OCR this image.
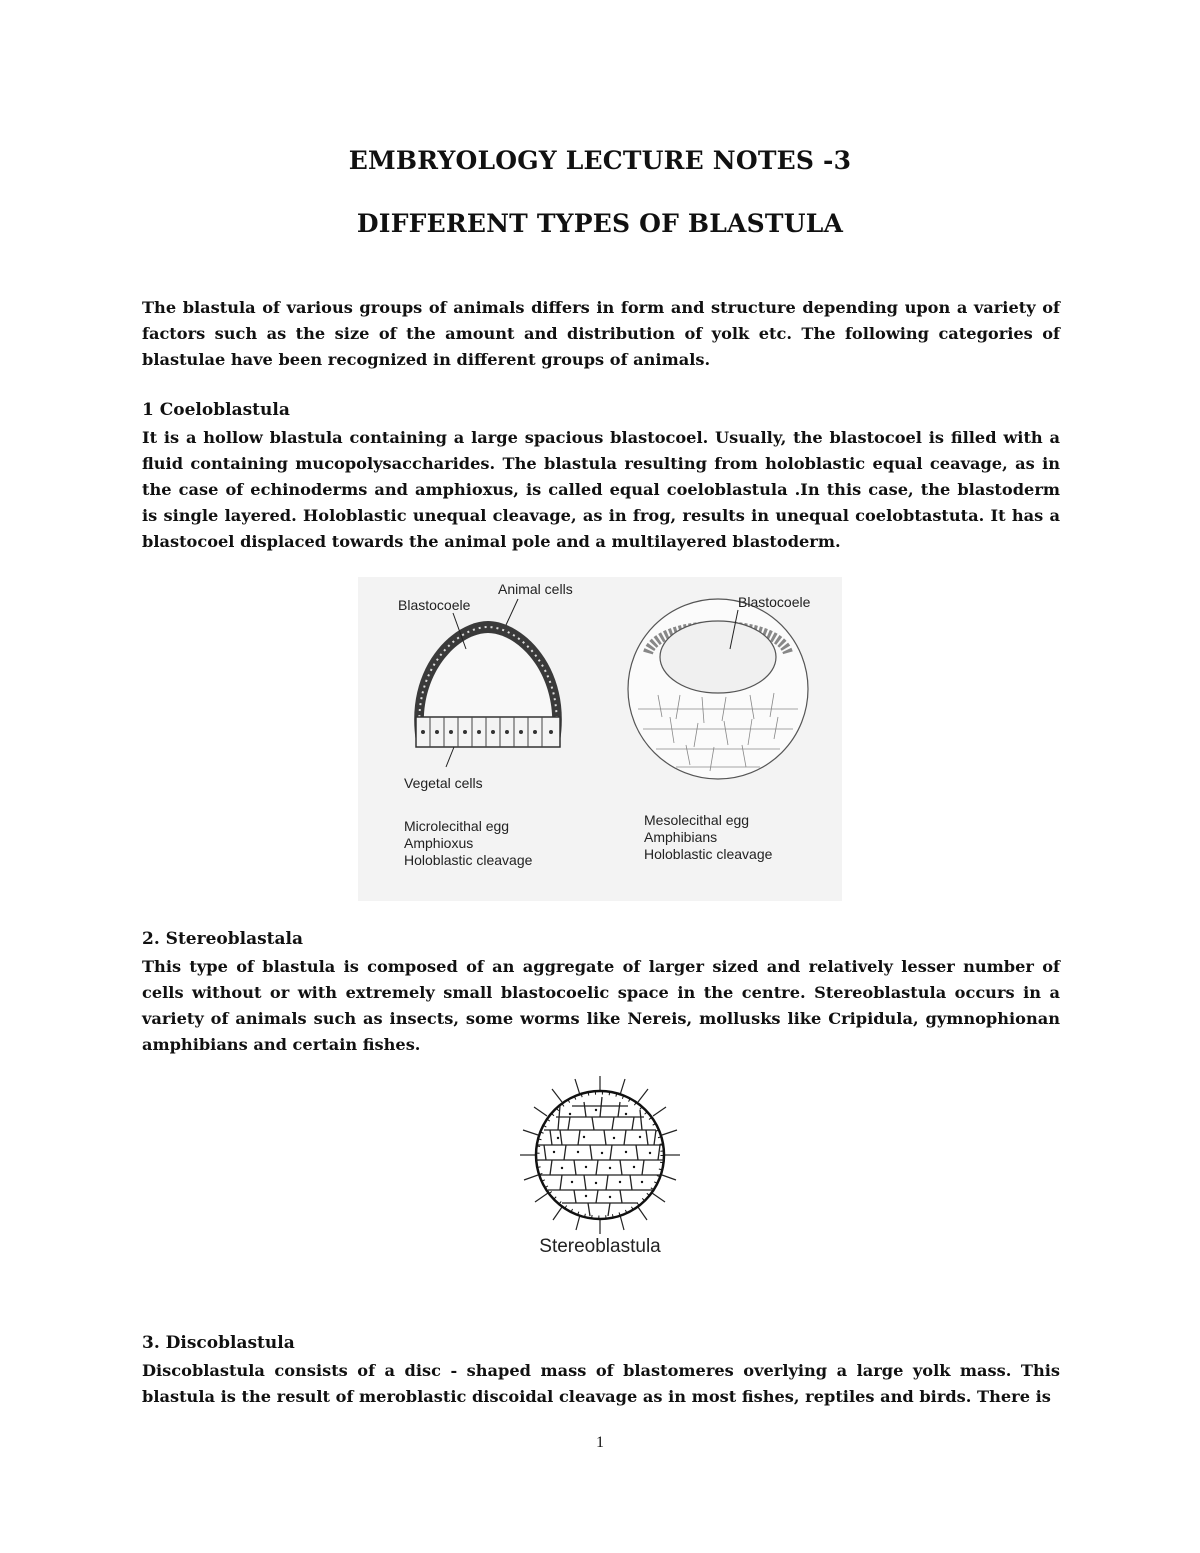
EMBRYOLOGY LECTURE NOTES -3
DIFFERENT TYPES OF BLASTULA
The blastula of various groups of animals differs in form and structure depending upon a variety of factors such as the size of the amount and distribution of yolk etc. The following categories of blastulae have been recognized in different groups of animals.
1 Coeloblastula
It is a hollow blastula containing a large spacious blastocoel. Usually, the blastocoel is filled with a fluid containing mucopolysaccharides. The blastula resulting from holoblastic equal ceavage, as in the case of echinoderms and amphioxus, is called equal coeloblastula .In this case, the blastoderm is single layered. Holoblastic unequal cleavage, as in frog, results in unequal coelobtastuta. It has a blastocoel displaced towards the animal pole and a multilayered blastoderm.
Blastocoele
Animal cells
Vegetal cells
Microlecithal egg
Amphioxus
Holoblastic cleavage
Blastocoele
Mesolecithal egg
Amphibians
Holoblastic cleavage
2. Stereoblastala
This type of blastula is composed of an aggregate of larger sized and relatively lesser number of cells without or with extremely small blastocoelic space in the centre. Stereoblastula occurs in a variety of animals such as insects, some worms like Nereis, mollusks like Cripidula, gymnophionan amphibians and certain fishes.
Stereoblastula
3. Discoblastula
Discoblastula consists of a disc - shaped mass of blastomeres overlying a large yolk mass. This blastula is the result of meroblastic discoidal cleavage as in most fishes, reptiles and birds. There is
1
